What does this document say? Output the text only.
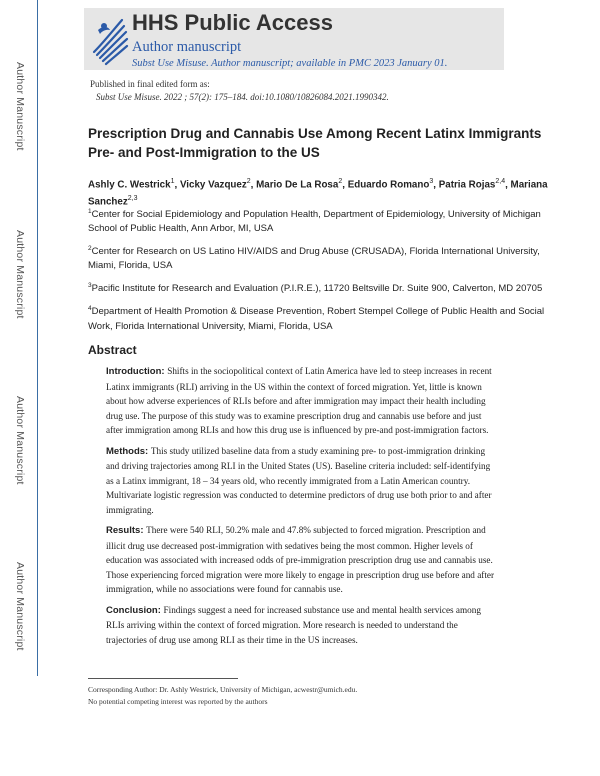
Author Manuscript
Author Manuscript
Author Manuscript
Author Manuscript
HHS Public Access
Author manuscript
Subst Use Misuse. Author manuscript; available in PMC 2023 January 01.
Published in final edited form as:
Subst Use Misuse. 2022 ; 57(2): 175–184. doi:10.1080/10826084.2021.1990342.
Prescription Drug and Cannabis Use Among Recent Latinx Immigrants Pre- and Post-Immigration to the US
Ashly C. Westrick$^1$, Vicky Vazquez$^2$, Mario De La Rosa$^2$, Eduardo Romano$^3$, Patria Rojas$^{2,4}$, Mariana Sanchez$^{2,3}$
$^1$Center for Social Epidemiology and Population Health, Department of Epidemiology, University of Michigan School of Public Health, Ann Arbor, MI, USA
$^2$Center for Research on US Latino HIV/AIDS and Drug Abuse (CRUSADA), Florida International University, Miami, Florida, USA
$^3$Pacific Institute for Research and Evaluation (P.I.R.E.), 11720 Beltsville Dr. Suite 900, Calverton, MD 20705
$^4$Department of Health Promotion & Disease Prevention, Robert Stempel College of Public Health and Social Work, Florida International University, Miami, Florida, USA
Abstract
Introduction: Shifts in the sociopolitical context of Latin America have led to steep increases in recent Latinx immigrants (RLI) arriving in the US within the context of forced migration. Yet, little is known about how adverse experiences of RLIs before and after immigration may impact their health including drug use. The purpose of this study was to examine prescription drug and cannabis use before and just after immigration among RLIs and how this drug use is influenced by pre-and post-immigration factors.
Methods: This study utilized baseline data from a study examining pre- to post-immigration drinking and driving trajectories among RLI in the United States (US). Baseline criteria included: self-identifying as a Latinx immigrant, 18 – 34 years old, who recently immigrated from a Latin American country. Multivariate logistic regression was conducted to determine predictors of drug use both prior to and after immigrating.
Results: There were 540 RLI, 50.2% male and 47.8% subjected to forced migration. Prescription and illicit drug use decreased post-immigration with sedatives being the most common. Higher levels of education was associated with increased odds of pre-immigration prescription drug use and cannabis use. Those experiencing forced migration were more likely to engage in prescription drug use before and after immigration, while no associations were found for cannabis use.
Conclusion: Findings suggest a need for increased substance use and mental health services among RLIs arriving within the context of forced migration. More research is needed to understand the trajectories of drug use among RLI as their time in the US increases.
Corresponding Author: Dr. Ashly Westrick, University of Michigan, acwestr@umich.edu.
No potential competing interest was reported by the authors
